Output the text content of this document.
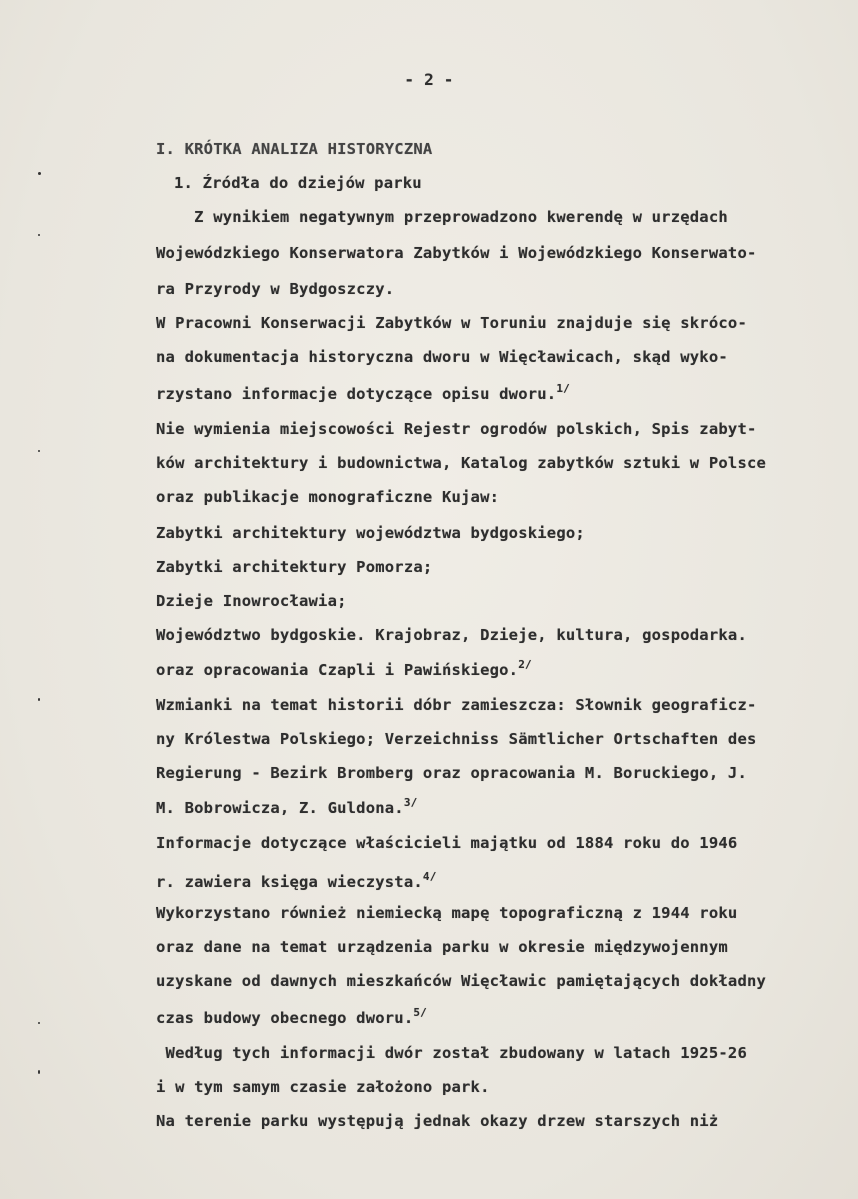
- 2 -
I. KRÓTKA ANALIZA HISTORYCZNA
1. Źródła do dziejów parku
Z wynikiem negatywnym przeprowadzono kwerendę w urzędach
Wojewódzkiego Konserwatora Zabytków i Wojewódzkiego Konserwato-
ra Przyrody w Bydgoszczy.
W Pracowni Konserwacji Zabytków w Toruniu znajduje się skróco-
na dokumentacja historyczna dworu w Więcławicach, skąd wyko-
rzystano informacje dotyczące opisu dworu.$^{1/}$
Nie wymienia miejscowości Rejestr ogrodów polskich, Spis zabyt-
ków architektury i budownictwa, Katalog zabytków sztuki w Polsce
oraz publikacje monograficzne Kujaw:
Zabytki architektury województwa bydgoskiego;
Zabytki architektury Pomorza;
Dzieje Inowrocławia;
Województwo bydgoskie. Krajobraz, Dzieje, kultura, gospodarka.
oraz opracowania Czapli i Pawińskiego.$^{2/}$
Wzmianki na temat historii dóbr zamieszcza: Słownik geograficz-
ny Królestwa Polskiego; Verzeichniss Sämtlicher Ortschaften des
Regierung - Bezirk Bromberg oraz opracowania M. Boruckiego, J.
M. Bobrowicza, Z. Guldona.$^{3/}$
Informacje dotyczące właścicieli majątku od 1884 roku do 1946
r. zawiera księga wieczysta.$^{4/}$
Wykorzystano również niemiecką mapę topograficzną z 1944 roku
oraz dane na temat urządzenia parku w okresie międzywojennym
uzyskane od dawnych mieszkańców Więcławic pamiętających dokładny
czas budowy obecnego dworu.$^{5/}$
Według tych informacji dwór został zbudowany w latach 1925-26
i w tym samym czasie założono park.
Na terenie parku występują jednak okazy drzew starszych niż
